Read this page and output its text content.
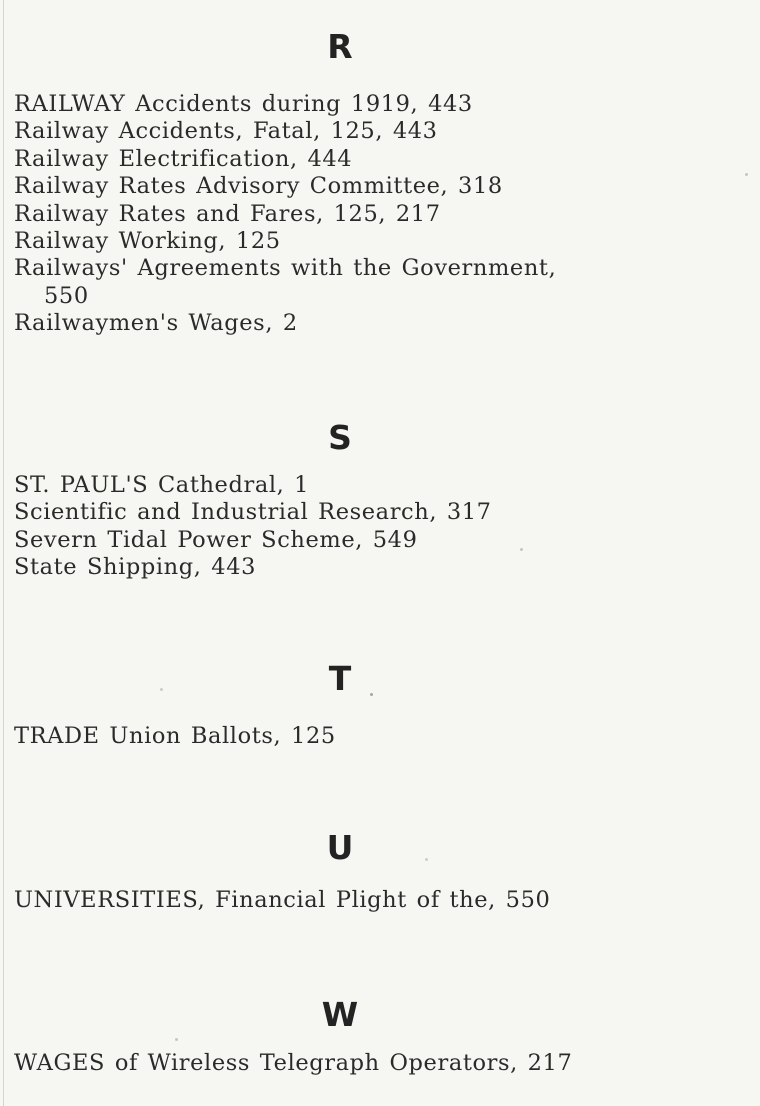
R
RAILWAY Accidents during 1919, 443
Railway Accidents, Fatal, 125, 443
Railway Electrification, 444
Railway Rates Advisory Committee, 318
Railway Rates and Fares, 125, 217
Railway Working, 125
Railways' Agreements with the Government,
550
Railwaymen's Wages, 2
S
ST. PAUL'S Cathedral, 1
Scientific and Industrial Research, 317
Severn Tidal Power Scheme, 549
State Shipping, 443
T
TRADE Union Ballots, 125
U
UNIVERSITIES, Financial Plight of the, 550
W
WAGES of Wireless Telegraph Operators, 217
